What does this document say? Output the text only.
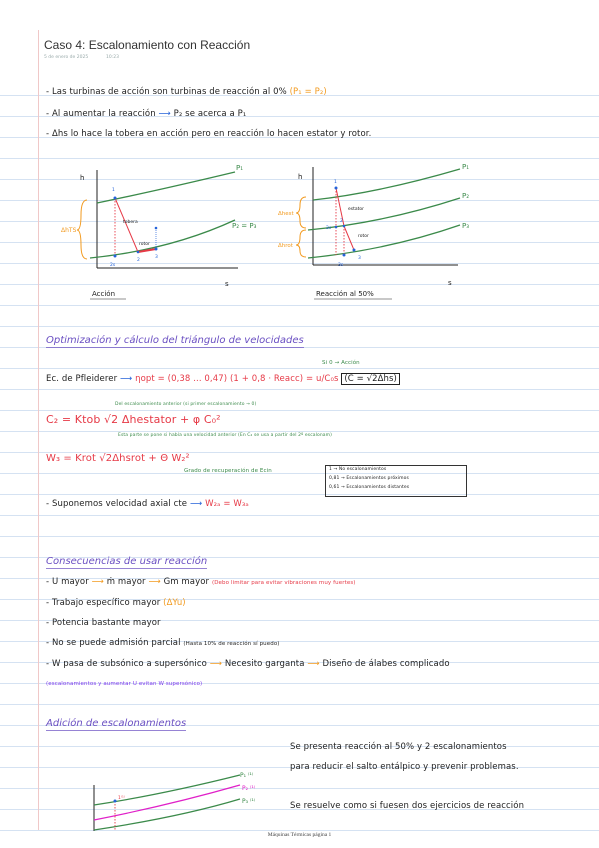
Caso 4: Escalonamiento con Reacción
5 de enero de 2025	10:23
- Las turbinas de acción son turbinas de reacción al 0% (P₁ = P₂)
- Al aumentar la reacción ⟶ P₂ se acerca a P₁
- Δhs lo hace la tobera en acción pero en reacción lo hacen estator y rotor.
ΔhTS
h
s
P₁
P₂ = P₃
1
2s
2
3
tobera
rotor
Acción
Δhest
Δhrot
h
s
P₁
P₂
P₃
1
2s
2
3s
3
estator
rotor
Reacción al 50%
Optimización y cálculo del triángulo de velocidades
Si 0 → Acción
Ec. de Pfleiderer ⟶ ηopt = (0,38 ... 0,47) (1 + 0,8 · Reacc) = u/C₀s (C = √2Δhs)
Del escalonamiento anterior (si primer escalonamiento → 0)
C₂ = Ktob √2 Δhestator + φ C₀²
Esta parte se pone si había una velocidad anterior (En C₂ se usa a partir del 2º escalonam)
W₃ = Krot √2Δhsrot + Θ W₂²
Grado de recuperación de Ecin	1 → No escalonamientos
0,81 → Escalonamientos próximos
0,61 → Escalonamientos distantes
- Suponemos velocidad axial cte ⟶ W₂ₐ = W₃ₐ
Consecuencias de usar reacción
- U mayor ⟶ ṁ mayor ⟶ Gm mayor (Debo limitar para evitar vibraciones muy fuertes)
- Trabajo específico mayor (ΔYu)
- Potencia bastante mayor
- No se puede admisión parcial (Hasta 10% de reacción sí puedo)
- W pasa de subsónico a supersónico ⟶ Necesito garganta ⟶ Diseño de álabes complicado
(escalonamientos y aumentar U evitan W supersónico)
Adición de escalonamientos
Se presenta reacción al 50% y 2 escalonamientos
para reducir el salto entálpico y prevenir problemas.
Se resuelve como si fuesen dos ejercicios de reacción
1⁽¹⁾
P₁ ⁽¹⁾
P₂ ⁽¹⁾
P₃ ⁽¹⁾
Máquinas Térmicas página 1
